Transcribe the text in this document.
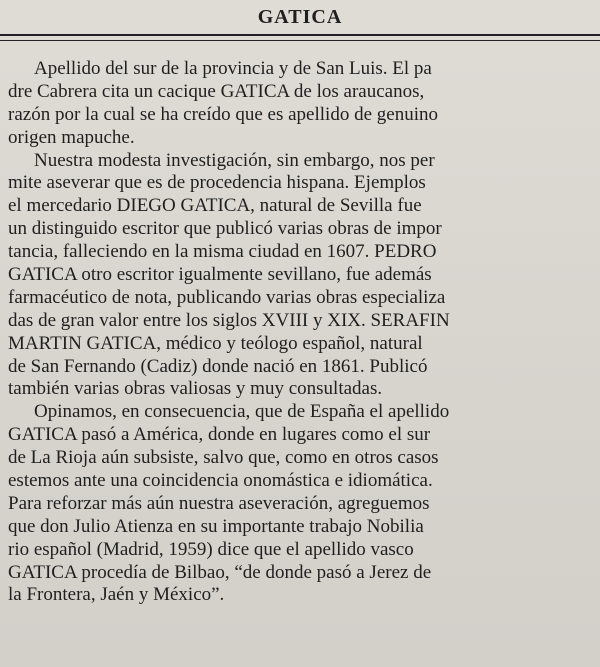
GATICA
Apellido del sur de la provincia y de San Luis. El pa
dre Cabrera cita un cacique GATICA de los araucanos,
razón por la cual se ha creído que es apellido de genuino
origen mapuche.
Nuestra modesta investigación, sin embargo, nos per
mite aseverar que es de procedencia hispana. Ejemplos
el mercedario DIEGO GATICA, natural de Sevilla fue
un distinguido escritor que publicó varias obras de impor
tancia, falleciendo en la misma ciudad en 1607. PEDRO
GATICA otro escritor igualmente sevillano, fue además
farmacéutico de nota, publicando varias obras especializa
das de gran valor entre los siglos XVIII y XIX. SERAFIN
MARTIN GATICA, médico y teólogo español, natural
de San Fernando (Cadiz) donde nació en 1861. Publicó
también varias obras valiosas y muy consultadas.
Opinamos, en consecuencia, que de España el apellido
GATICA pasó a América, donde en lugares como el sur
de La Rioja aún subsiste, salvo que, como en otros casos
estemos ante una coincidencia onomástica e idiomática.
Para reforzar más aún nuestra aseveración, agreguemos
que don Julio Atienza en su importante trabajo Nobilia
rio español (Madrid, 1959) dice que el apellido vasco
GATICA procedía de Bilbao, “de donde pasó a Jerez de
la Frontera, Jaén y México”.
